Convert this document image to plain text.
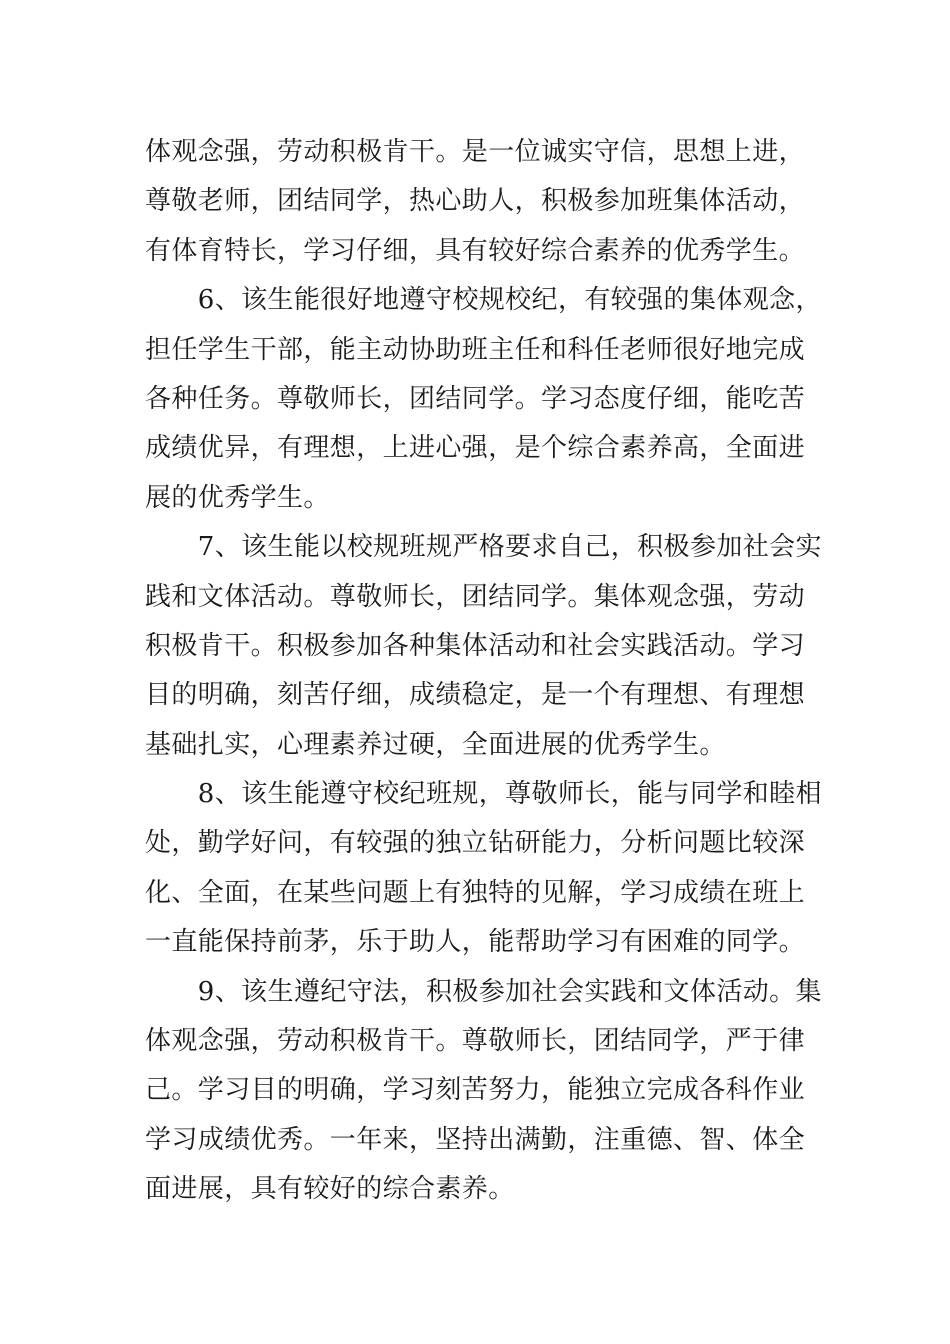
体观念强，劳动积极肯干。是一位诚实守信，思想上进，
尊敬老师，团结同学，热心助人，积极参加班集体活动，
有体育特长，学习仔细，具有较好综合素养的优秀学生。
　　6、该生能很好地遵守校规校纪，有较强的集体观念，
担任学生干部，能主动协助班主任和科任老师很好地完成
各种任务。尊敬师长，团结同学。学习态度仔细，能吃苦
成绩优异，有理想，上进心强，是个综合素养高，全面进
展的优秀学生。
　　7、该生能以校规班规严格要求自己，积极参加社会实
践和文体活动。尊敬师长，团结同学。集体观念强，劳动
积极肯干。积极参加各种集体活动和社会实践活动。学习
目的明确，刻苦仔细，成绩稳定，是一个有理想、有理想
基础扎实，心理素养过硬，全面进展的优秀学生。
　　8、该生能遵守校纪班规，尊敬师长，能与同学和睦相
处，勤学好问，有较强的独立钻研能力，分析问题比较深
化、全面，在某些问题上有独特的见解，学习成绩在班上
一直能保持前茅，乐于助人，能帮助学习有困难的同学。
　　9、该生遵纪守法，积极参加社会实践和文体活动。集
体观念强，劳动积极肯干。尊敬师长，团结同学，严于律
己。学习目的明确，学习刻苦努力，能独立完成各科作业
学习成绩优秀。一年来，坚持出满勤，注重德、智、体全
面进展，具有较好的综合素养。
